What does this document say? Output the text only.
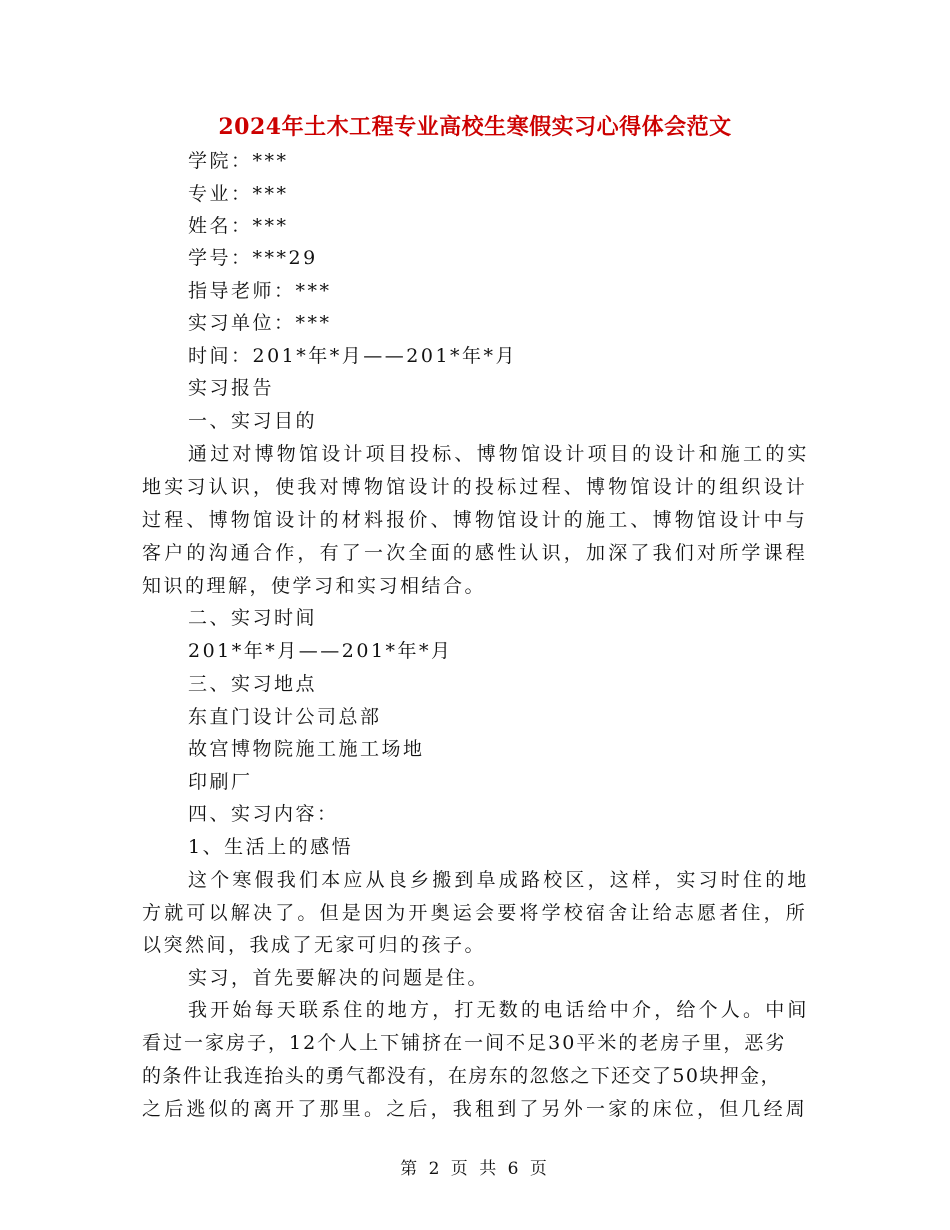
2024年土木工程专业高校生寒假实习心得体会范文
学院：***
专业：***
姓名：***
学号：***29
指导老师：***
实习单位：***
时间：201*年*月——201*年*月
实习报告
一、实习目的
通过对博物馆设计项目投标、博物馆设计项目的设计和施工的实
地实习认识，使我对博物馆设计的投标过程、博物馆设计的组织设计
过程、博物馆设计的材料报价、博物馆设计的施工、博物馆设计中与
客户的沟通合作，有了一次全面的感性认识，加深了我们对所学课程
知识的理解，使学习和实习相结合。
二、实习时间
201*年*月——201*年*月
三、实习地点
东直门设计公司总部
故宫博物院施工施工场地
印刷厂
四、实习内容：
1、生活上的感悟
这个寒假我们本应从良乡搬到阜成路校区，这样，实习时住的地
方就可以解决了。但是因为开奥运会要将学校宿舍让给志愿者住，所
以突然间，我成了无家可归的孩子。
实习，首先要解决的问题是住。
我开始每天联系住的地方，打无数的电话给中介，给个人。中间
看过一家房子，12个人上下铺挤在一间不足30平米的老房子里，恶劣
的条件让我连抬头的勇气都没有，在房东的忽悠之下还交了50块押金，
之后逃似的离开了那里。之后，我租到了另外一家的床位，但几经周
第 2 页 共 6 页
